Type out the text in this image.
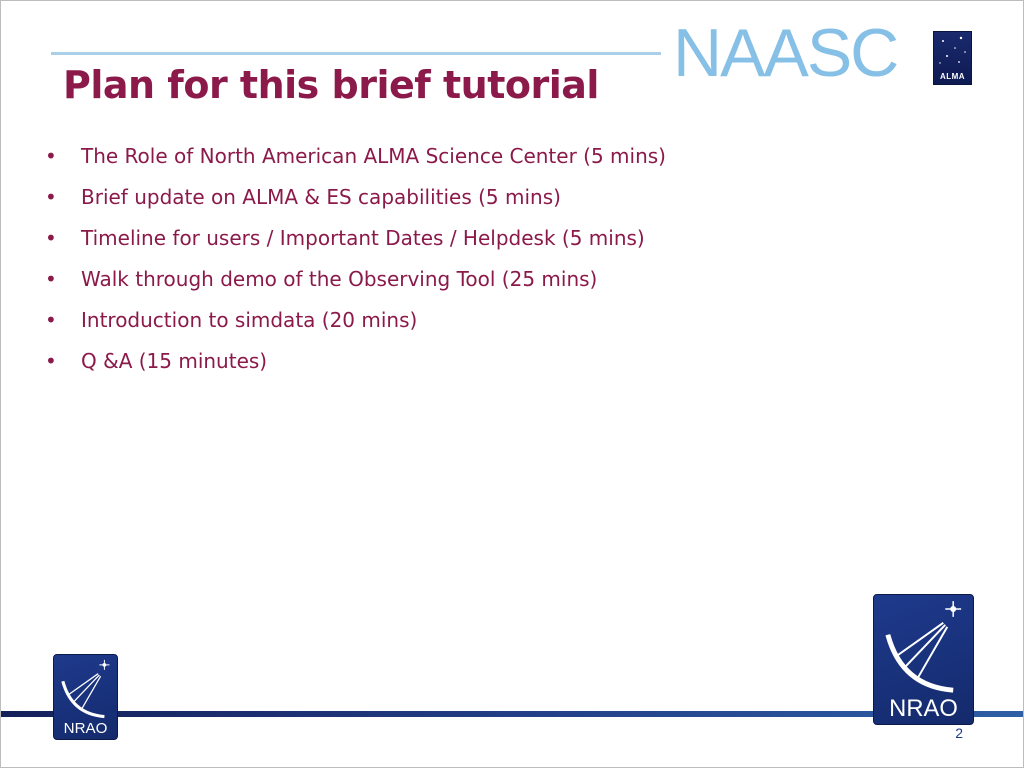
Plan for this brief tutorial NAASC	ALMA
• The Role of North American ALMA Science Center (5 mins)
• Brief update on ALMA & ES capabilities (5 mins)
• Timeline for users / Important Dates / Helpdesk (5 mins)
• Walk through demo of the Observing Tool (25 mins)
• Introduction to simdata (20 mins)
• Q &A (15 minutes)
NRAO
NRAO
2
